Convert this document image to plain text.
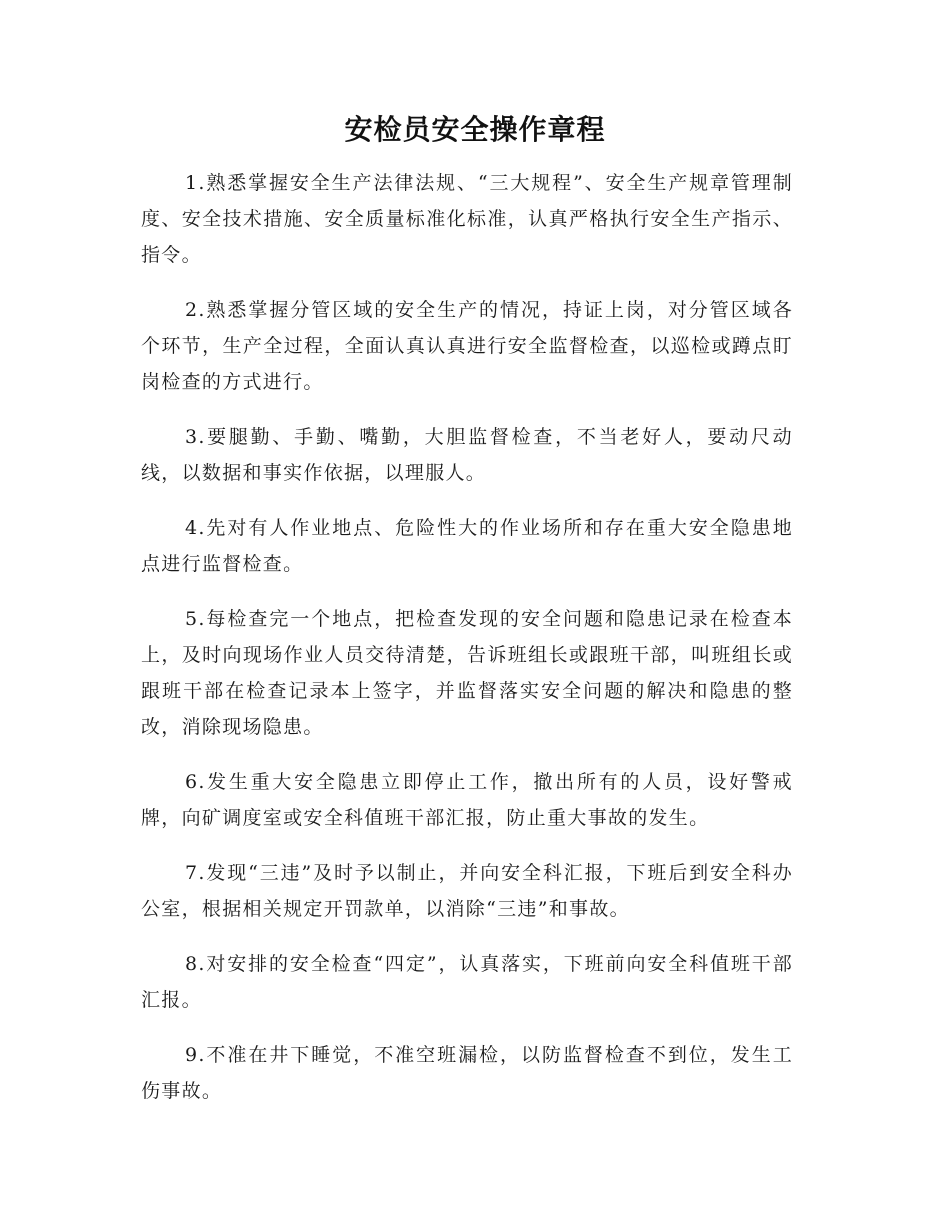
安检员安全操作章程

1.熟悉掌握安全生产法律法规、“三大规程”、安全生产规章管理制度、安全技术措施、安全质量标准化标准，认真严格执行安全生产指示、指令。

2.熟悉掌握分管区域的安全生产的情况，持证上岗，对分管区域各个环节，生产全过程，全面认真认真进行安全监督检查，以巡检或蹲点盯岗检查的方式进行。

3.要腿勤、手勤、嘴勤，大胆监督检查，不当老好人，要动尺动线，以数据和事实作依据，以理服人。

4.先对有人作业地点、危险性大的作业场所和存在重大安全隐患地点进行监督检查。

5.每检查完一个地点，把检查发现的安全问题和隐患记录在检查本上，及时向现场作业人员交待清楚，告诉班组长或跟班干部，叫班组长或跟班干部在检查记录本上签字，并监督落实安全问题的解决和隐患的整改，消除现场隐患。

6.发生重大安全隐患立即停止工作，撤出所有的人员，设好警戒牌，向矿调度室或安全科值班干部汇报，防止重大事故的发生。

7.发现“三违”及时予以制止，并向安全科汇报，下班后到安全科办公室，根据相关规定开罚款单，以消除“三违”和事故。

8.对安排的安全检查“四定”，认真落实，下班前向安全科值班干部汇报。

9.不准在井下睡觉，不准空班漏检，以防监督检查不到位，发生工伤事故。
